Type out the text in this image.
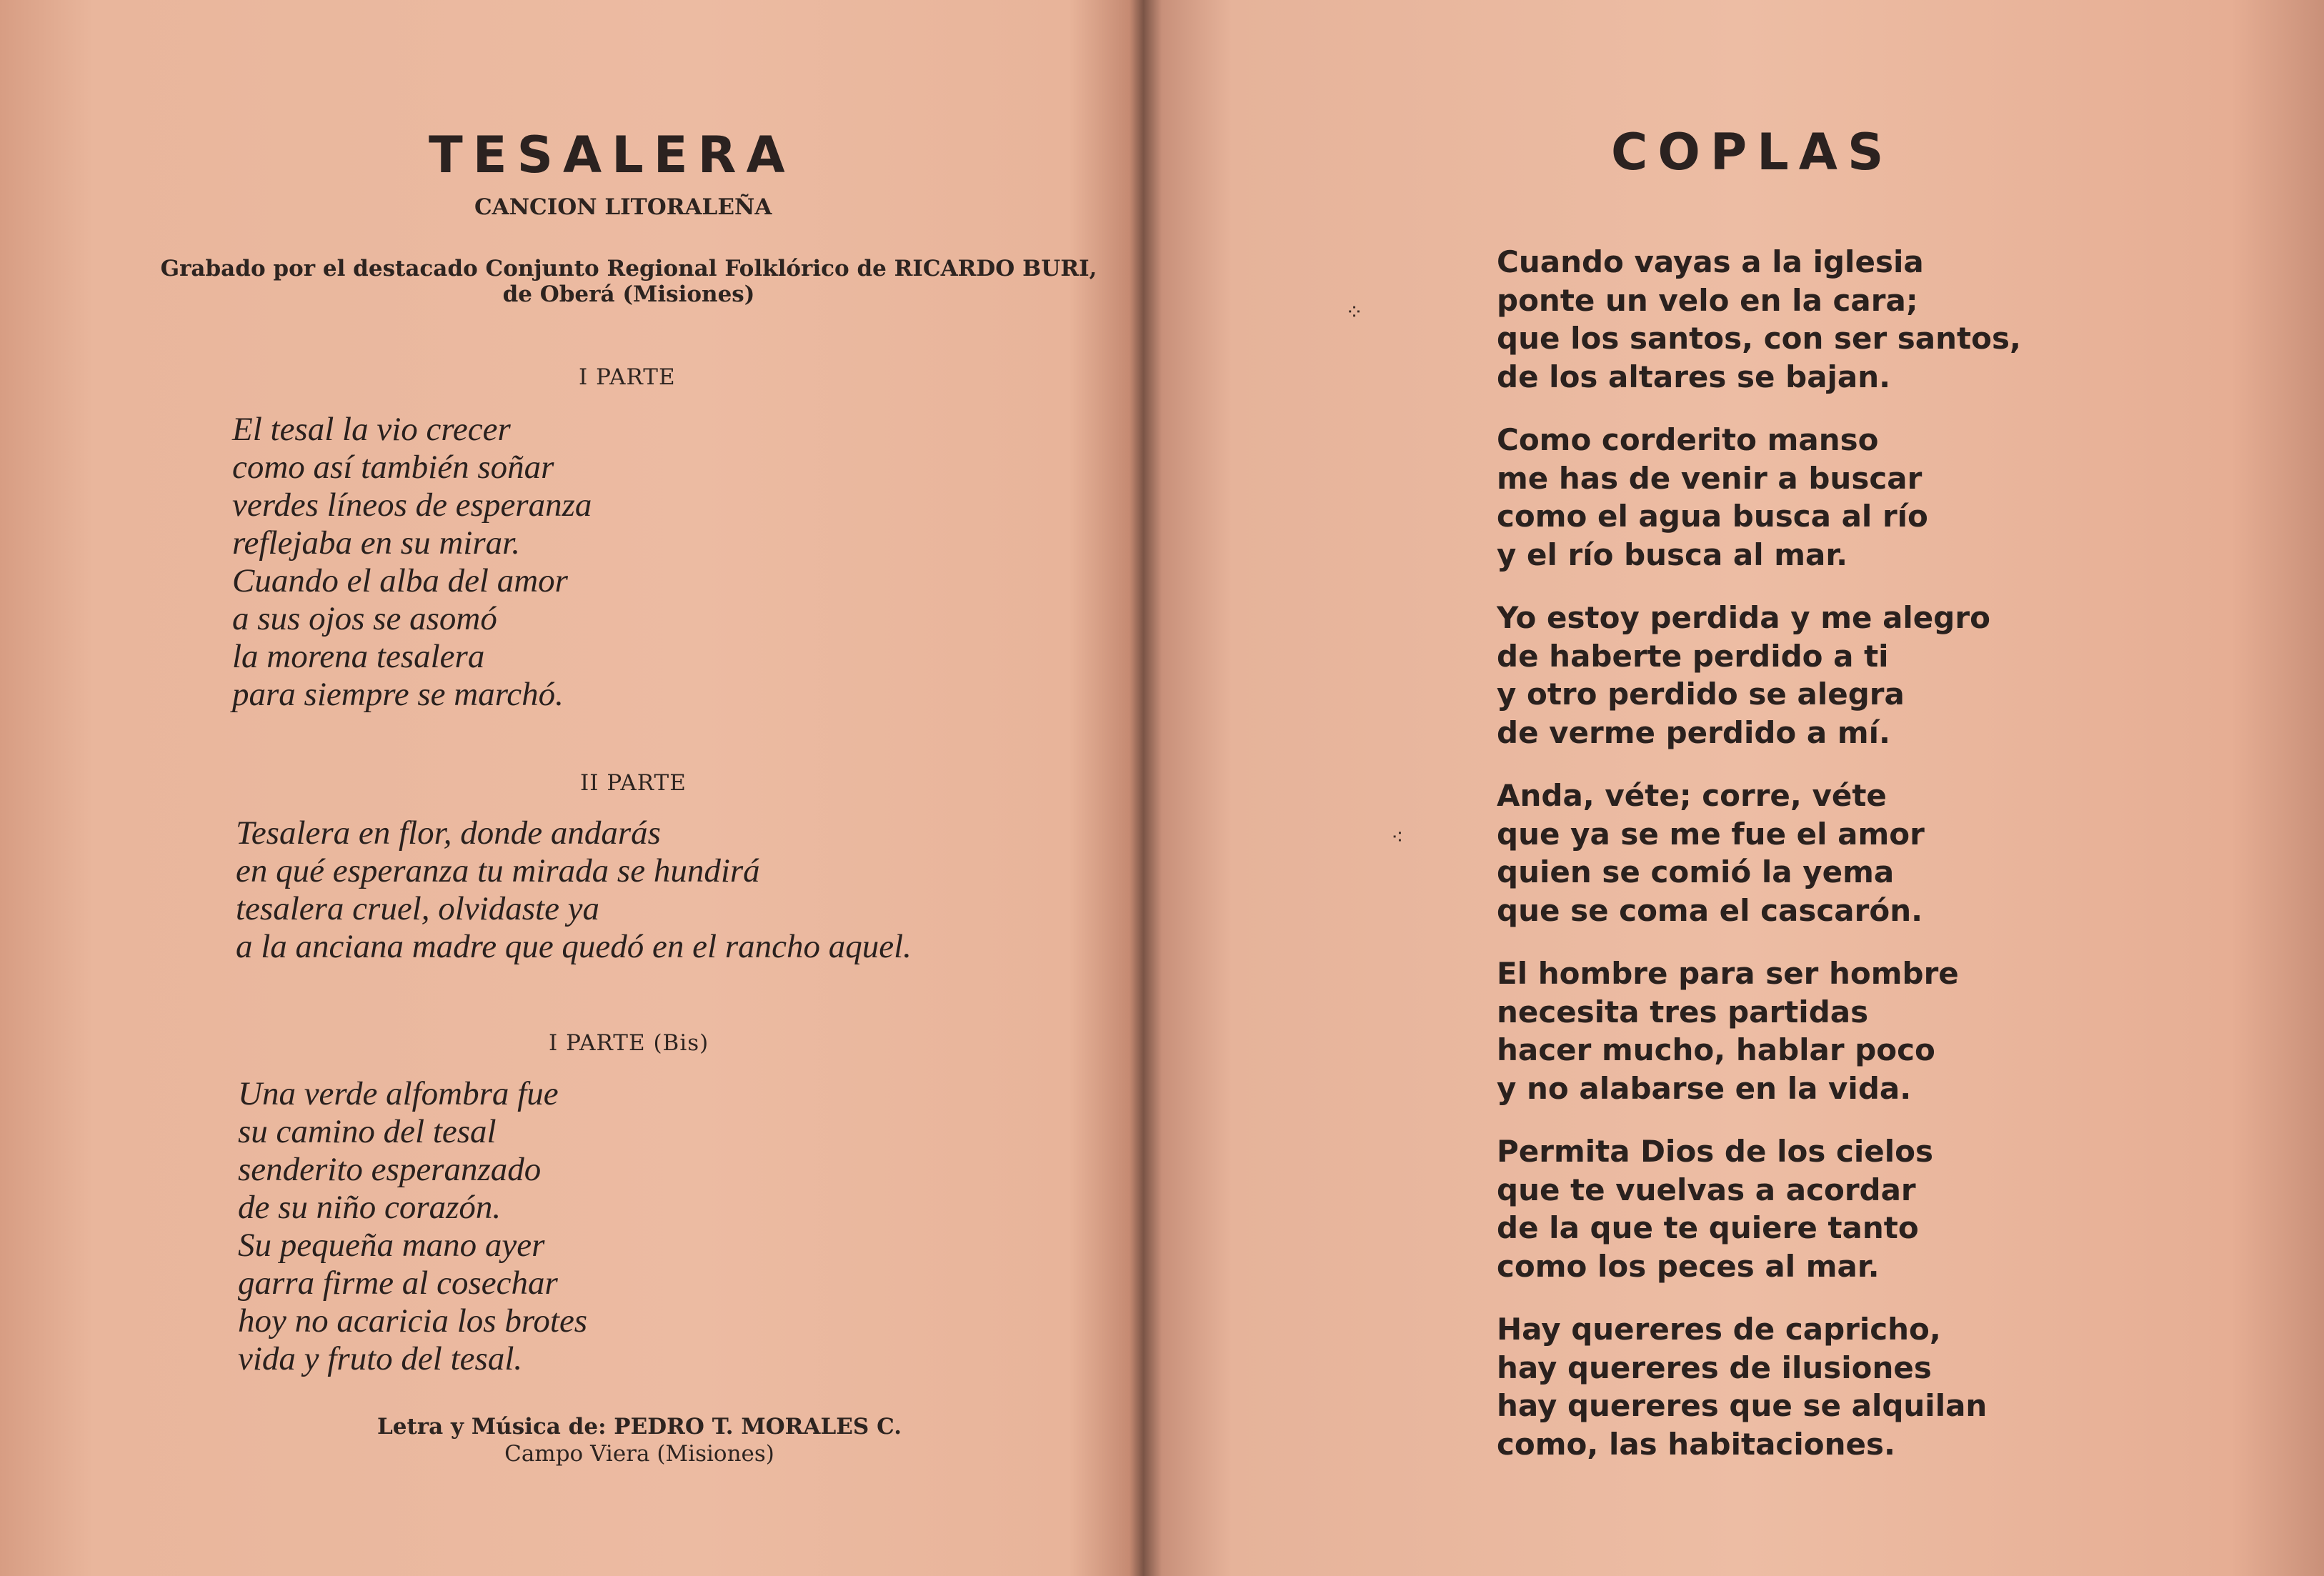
TESALERA
CANCION LITORALEÑA
Grabado por el destacado Conjunto Regional Folklórico de RICARDO BURI,
de Oberá (Misiones)
I PARTE
El tesal la vio crecer
como así también soñar
verdes líneos de esperanza
reflejaba en su mirar.
Cuando el alba del amor
a sus ojos se asomó
la morena tesalera
para siempre se marchó.
II PARTE
Tesalera en flor, donde andarás
en qué esperanza tu mirada se hundirá
tesalera cruel, olvidaste ya
a la anciana madre que quedó en el rancho aquel.
I PARTE (Bis)
Una verde alfombra fue
su camino del tesal
senderito esperanzado
de su niño corazón.
Su pequeña mano ayer
garra firme al cosechar
hoy no acaricia los brotes
vida y fruto del tesal.
Letra y Música de: PEDRO T. MORALES C.
Campo Viera (Misiones)
COPLAS
Cuando vayas a la iglesia
ponte un velo en la cara;
que los santos, con ser santos,
de los altares se bajan.
Como corderito manso
me has de venir a buscar
como el agua busca al río
y el río busca al mar.
Yo estoy perdida y me alegro
de haberte perdido a ti
y otro perdido se alegra
de verme perdido a mí.
Anda, véte; corre, véte
que ya se me fue el amor
quien se comió la yema
que se coma el cascarón.
El hombre para ser hombre
necesita tres partidas
hacer mucho, hablar poco
y no alabarse en la vida.
Permita Dios de los cielos
que te vuelvas a acordar
de la que te quiere tanto
como los peces al mar.
Hay quereres de capricho,
hay quereres de ilusiones
hay quereres que se alquilan
como, las habitaciones.
⁘
⁖
